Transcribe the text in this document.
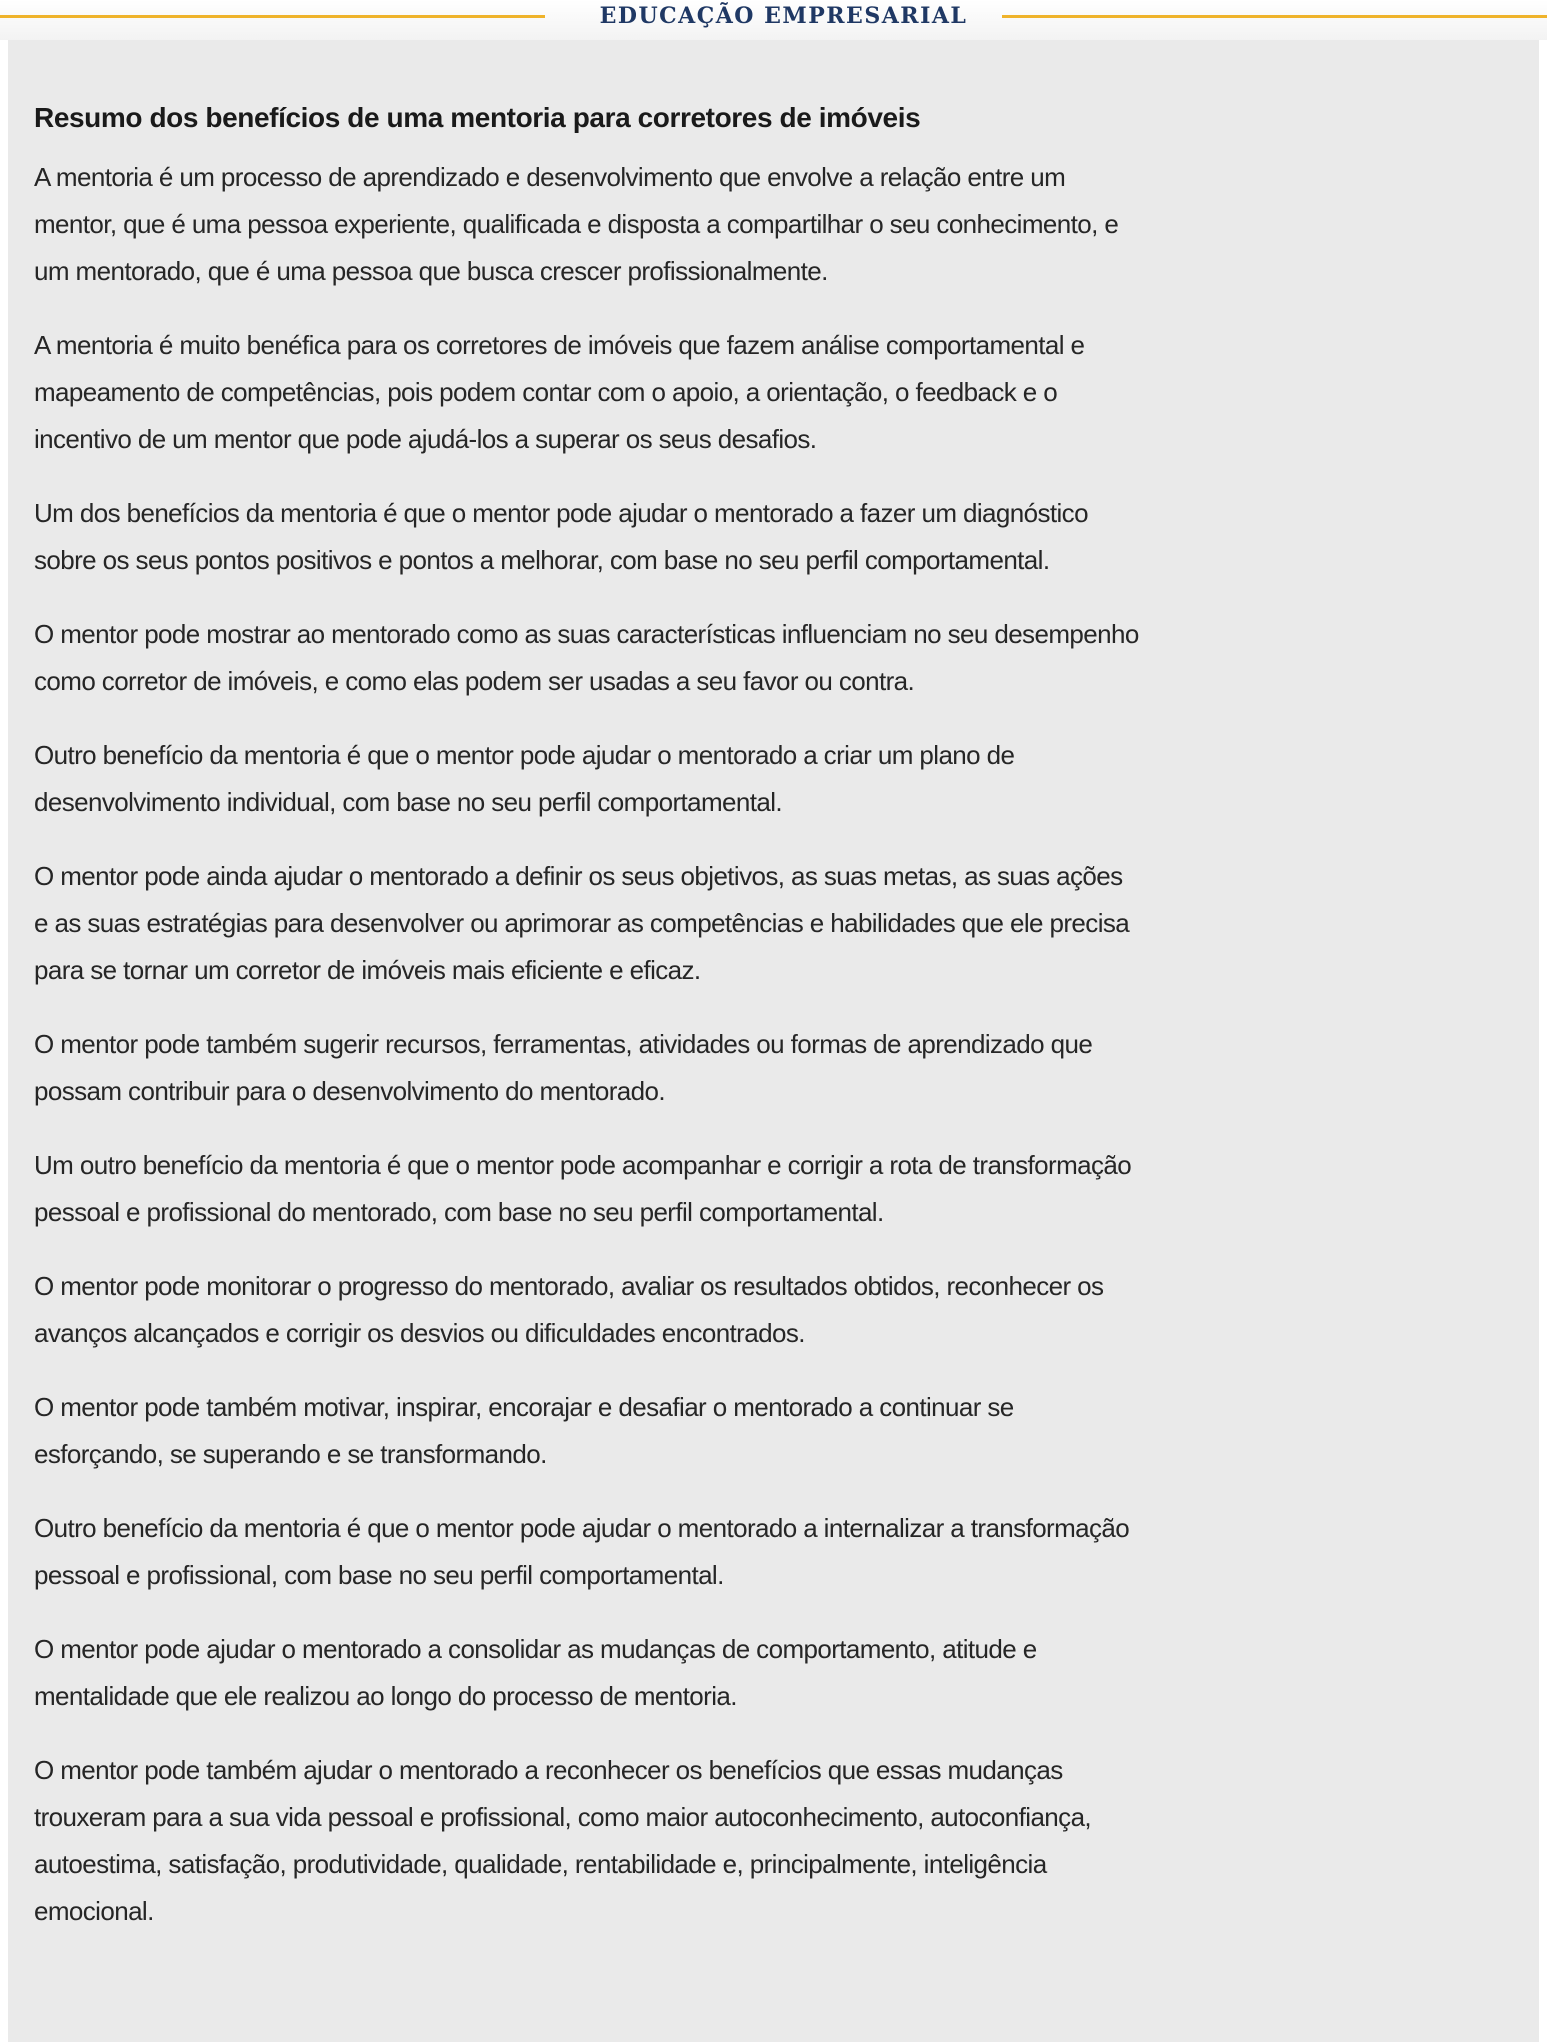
EDUCAÇÃO EMPRESARIAL
Resumo dos benefícios de uma mentoria para corretores de imóveis

A mentoria é um processo de aprendizado e desenvolvimento que envolve a relação entre um mentor, que é uma pessoa experiente, qualificada e disposta a compartilhar o seu conhecimento, e um mentorado, que é uma pessoa que busca crescer profissionalmente.

A mentoria é muito benéfica para os corretores de imóveis que fazem análise comportamental e mapeamento de competências, pois podem contar com o apoio, a orientação, o feedback e o incentivo de um mentor que pode ajudá-los a superar os seus desafios.

Um dos benefícios da mentoria é que o mentor pode ajudar o mentorado a fazer um diagnóstico sobre os seus pontos positivos e pontos a melhorar, com base no seu perfil comportamental.

O mentor pode mostrar ao mentorado como as suas características influenciam no seu desempenho como corretor de imóveis, e como elas podem ser usadas a seu favor ou contra.

Outro benefício da mentoria é que o mentor pode ajudar o mentorado a criar um plano de desenvolvimento individual, com base no seu perfil comportamental.

O mentor pode ainda ajudar o mentorado a definir os seus objetivos, as suas metas, as suas ações e as suas estratégias para desenvolver ou aprimorar as competências e habilidades que ele precisa para se tornar um corretor de imóveis mais eficiente e eficaz.

O mentor pode também sugerir recursos, ferramentas, atividades ou formas de aprendizado que possam contribuir para o desenvolvimento do mentorado.

Um outro benefício da mentoria é que o mentor pode acompanhar e corrigir a rota de transformação pessoal e profissional do mentorado, com base no seu perfil comportamental.

O mentor pode monitorar o progresso do mentorado, avaliar os resultados obtidos, reconhecer os avanços alcançados e corrigir os desvios ou dificuldades encontrados.

O mentor pode também motivar, inspirar, encorajar e desafiar o mentorado a continuar se esforçando, se superando e se transformando.

Outro benefício da mentoria é que o mentor pode ajudar o mentorado a internalizar a transformação pessoal e profissional, com base no seu perfil comportamental.

O mentor pode ajudar o mentorado a consolidar as mudanças de comportamento, atitude e mentalidade que ele realizou ao longo do processo de mentoria.

O mentor pode também ajudar o mentorado a reconhecer os benefícios que essas mudanças trouxeram para a sua vida pessoal e profissional, como maior autoconhecimento, autoconfiança, autoestima, satisfação, produtividade, qualidade, rentabilidade e, principalmente, inteligência emocional.
